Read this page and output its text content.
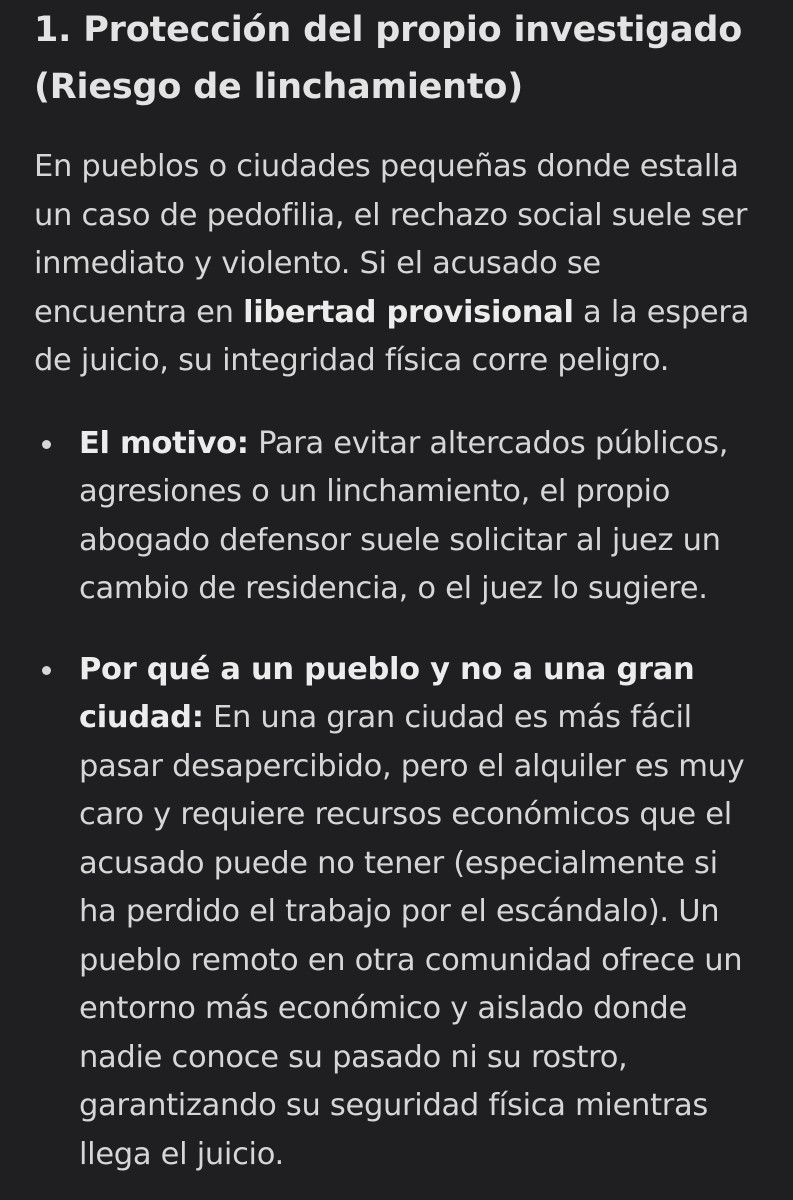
1. Protección del propio investigado (Riesgo de linchamiento)

En pueblos o ciudades pequeñas donde estalla un caso de pedofilia, el rechazo social suele ser inmediato y violento. Si el acusado se encuentra en libertad provisional a la espera de juicio, su integridad física corre peligro.

El motivo: Para evitar altercados públicos, agresiones o un linchamiento, el propio abogado defensor suele solicitar al juez un cambio de residencia, o el juez lo sugiere.
Por qué a un pueblo y no a una gran ciudad: En una gran ciudad es más fácil pasar desapercibido, pero el alquiler es muy caro y requiere recursos económicos que el acusado puede no tener (especialmente si ha perdido el trabajo por el escándalo). Un pueblo remoto en otra comunidad ofrece un entorno más económico y aislado donde nadie conoce su pasado ni su rostro, garantizando su seguridad física mientras llega el juicio.
